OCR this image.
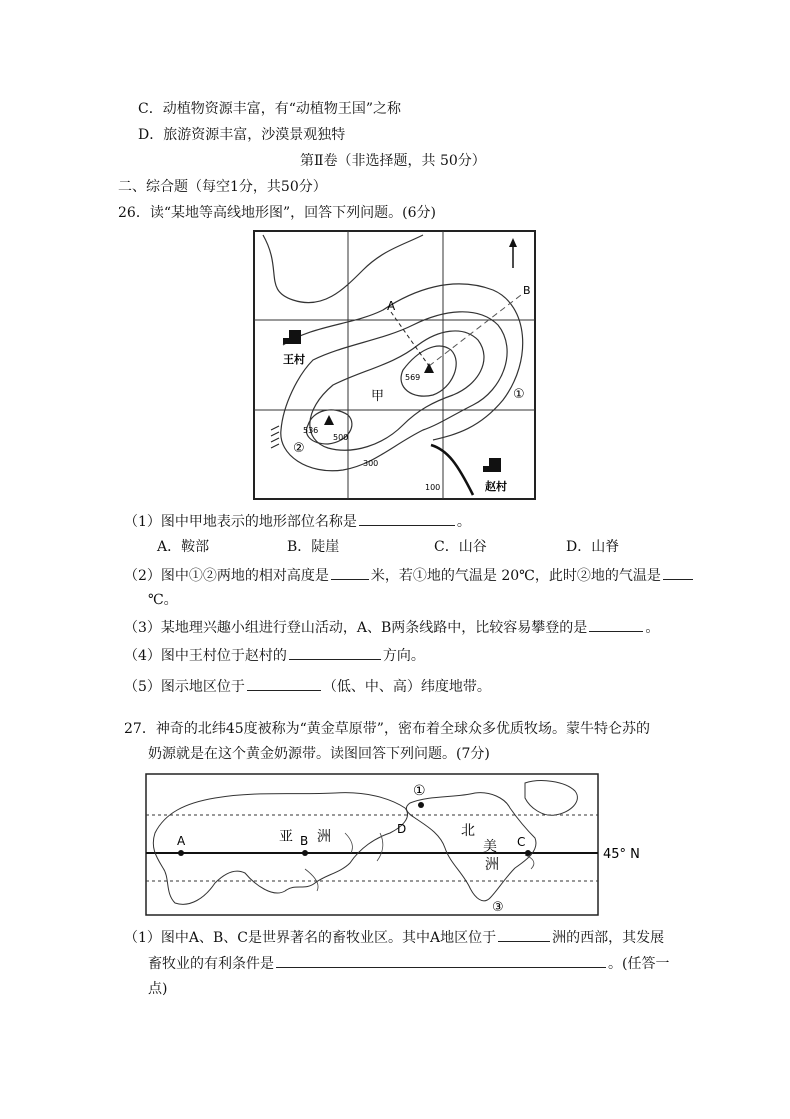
C．动植物资源丰富，有“动植物王国”之称
D．旅游资源丰富，沙漠景观独特
第Ⅱ卷（非选择题，共 50分）
二、综合题（每空1分，共50分）
26．读“某地等高线地形图”，回答下列问题。(6分)
A
B
王村
赵村
甲	①
②
569
536
500
300
100
（1）图中甲地表示的地形部位名称是	。
A．鞍部	B．陡崖	C．山谷	D．山脊
（2）图中①②两地的相对高度是	米，若①地的气温是 20℃，此时②地的气温是
℃。
（3）某地理兴趣小组进行登山活动，A、B两条线路中，比较容易攀登的是	。
（4）图中王村位于赵村的	方向。
（5）图示地区位于	（低、中、高）纬度地带。
27．神奇的北纬45度被称为“黄金草原带”，密布着全球众多优质牧场。蒙牛特仑苏的
奶源就是在这个黄金奶源带。读图回答下列问题。(7分)
A	B	C
D
亚 洲	北
美
洲
①
③
45° N
（1）图中A、B、C是世界著名的畜牧业区。其中A地区位于	洲的西部，其发展
畜牧业的有利条件是	。(任答一
点)
